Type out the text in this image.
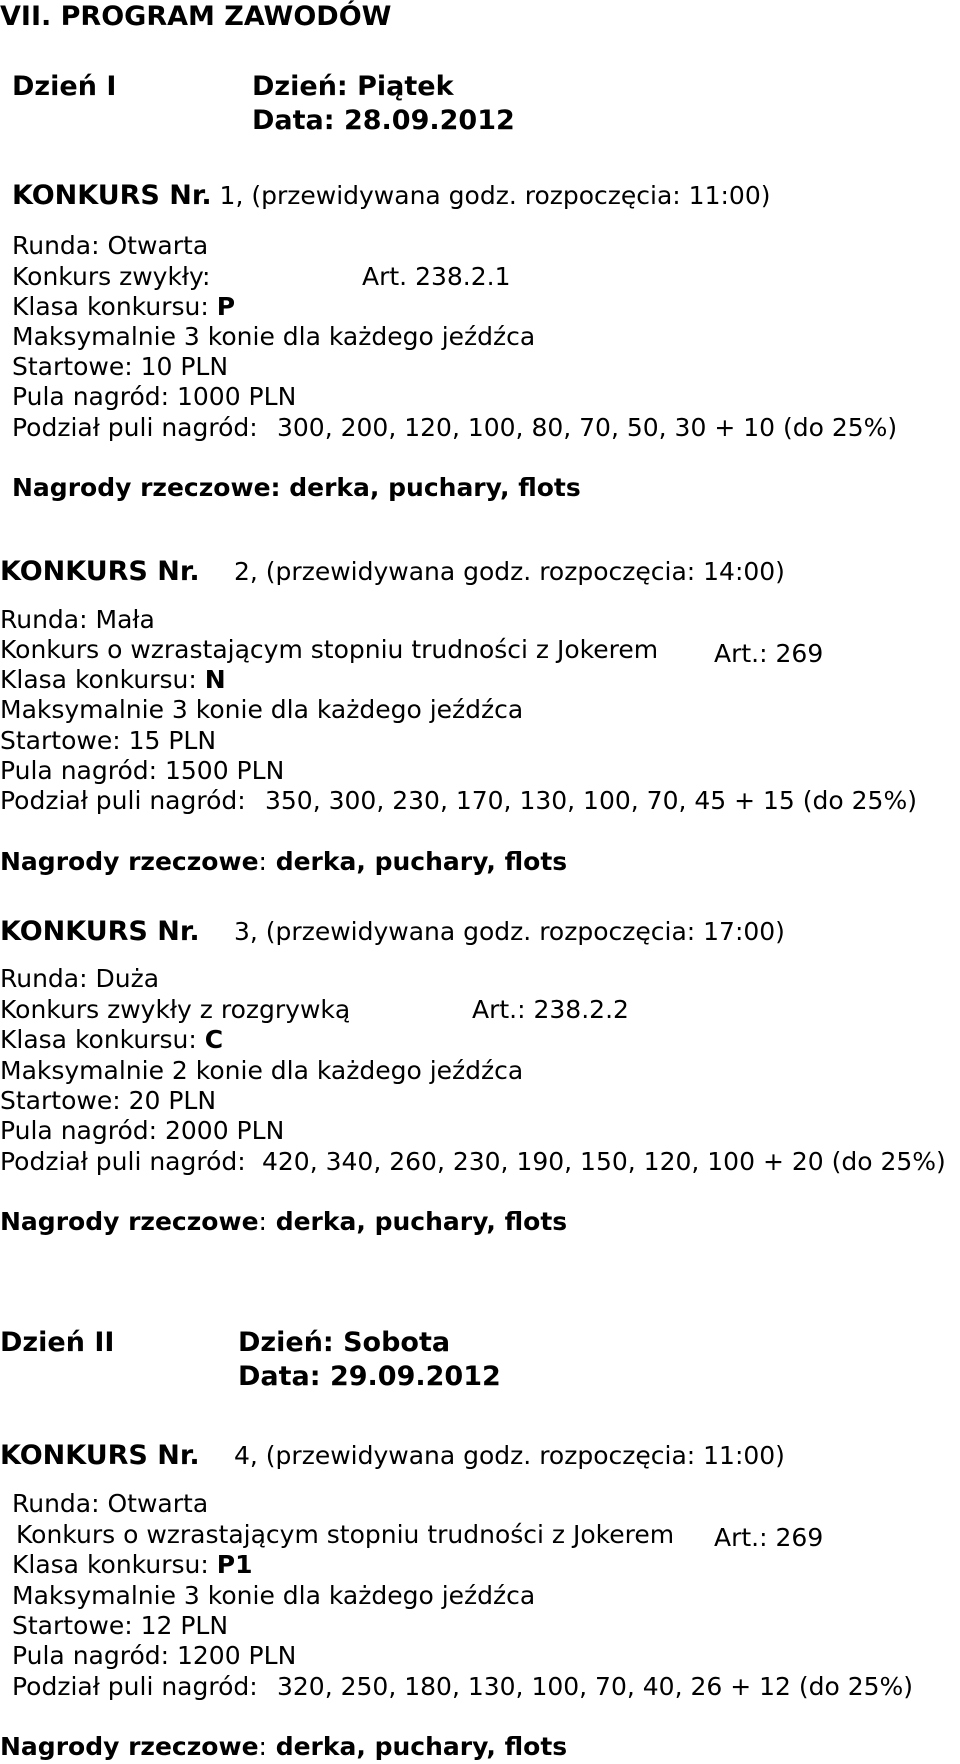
VII. PROGRAM ZAWODÓW
Dzień I	Dzień: Piątek
Data: 28.09.2012
KONKURS Nr. 1, (przewidywana godz. rozpoczęcia: 11:00)
Runda: Otwarta
Konkurs zwykły:	Art. 238.2.1
Klasa konkursu: P
Maksymalnie 3 konie dla każdego jeźdźca
Startowe: 10 PLN
Pula nagród: 1000 PLN
Podział puli nagród: 300, 200, 120, 100, 80, 70, 50, 30 + 10 (do 25%)
Nagrody rzeczowe: derka, puchary, flots
KONKURS Nr. 2, (przewidywana godz. rozpoczęcia: 14:00)
Runda: Mała
Konkurs o wzrastającym stopniu trudności z Jokerem Art.: 269
Klasa konkursu: N
Maksymalnie 3 konie dla każdego jeźdźca
Startowe: 15 PLN
Pula nagród: 1500 PLN
Podział puli nagród: 350, 300, 230, 170, 130, 100, 70, 45 + 15 (do 25%)
Nagrody rzeczowe: derka, puchary, flots
KONKURS Nr. 3, (przewidywana godz. rozpoczęcia: 17:00)
Runda: Duża
Konkurs zwykły z rozgrywką	Art.: 238.2.2
Klasa konkursu: C
Maksymalnie 2 konie dla każdego jeźdźca
Startowe: 20 PLN
Pula nagród: 2000 PLN
Podział puli nagród: 420, 340, 260, 230, 190, 150, 120, 100 + 20 (do 25%)
Nagrody rzeczowe: derka, puchary, flots
Dzień II	Dzień: Sobota
Data: 29.09.2012
KONKURS Nr. 4, (przewidywana godz. rozpoczęcia: 11:00)
Runda: Otwarta
Konkurs o wzrastającym stopniu trudności z Jokerem Art.: 269
Klasa konkursu: P1
Maksymalnie 3 konie dla każdego jeźdźca
Startowe: 12 PLN
Pula nagród: 1200 PLN
Podział puli nagród: 320, 250, 180, 130, 100, 70, 40, 26 + 12 (do 25%)
Nagrody rzeczowe: derka, puchary, flots
